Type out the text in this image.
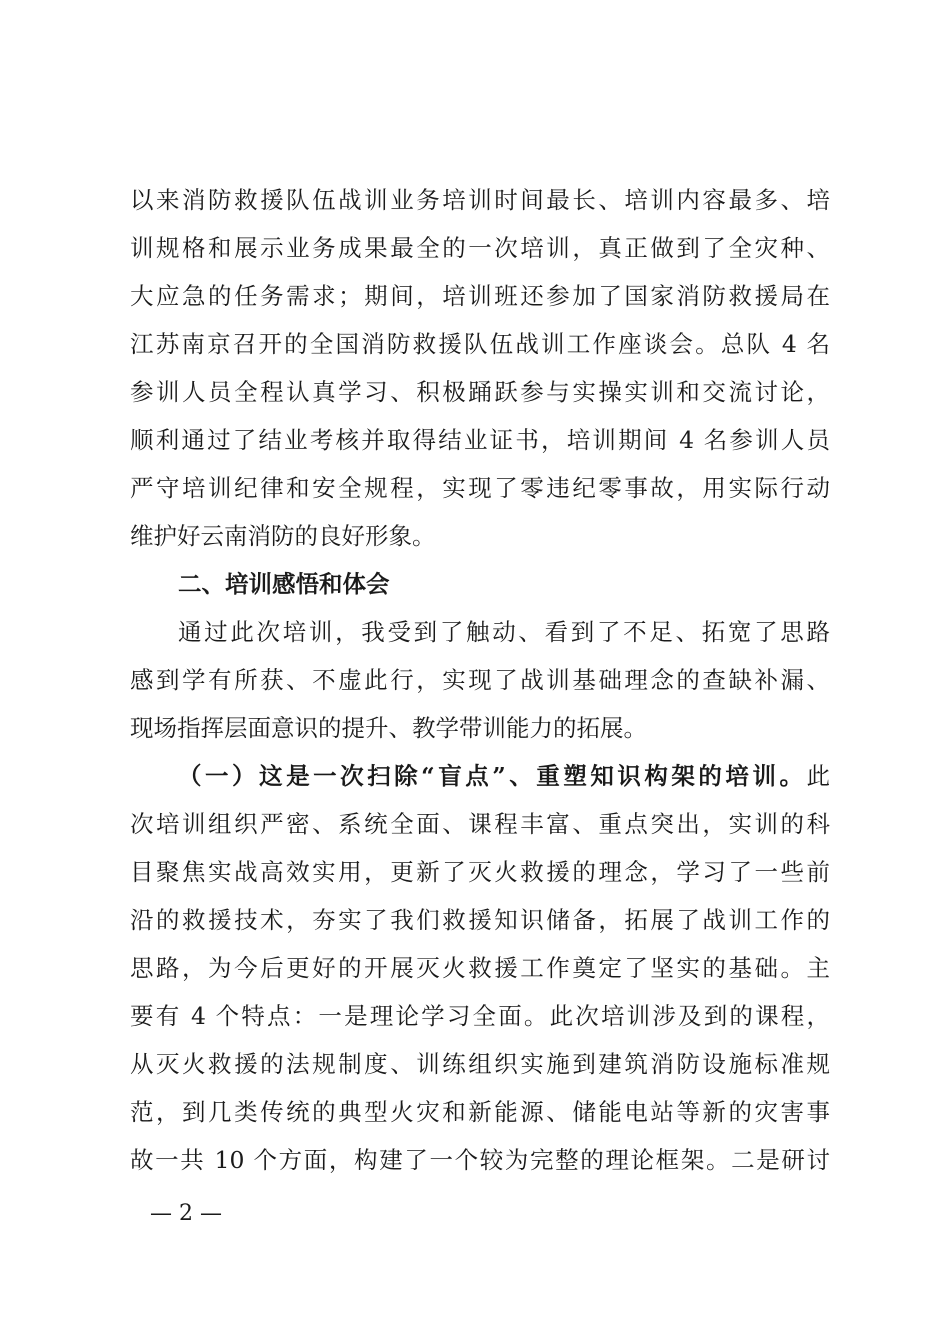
以来消防救援队伍战训业务培训时间最长、培训内容最多、培
训规格和展示业务成果最全的一次培训，真正做到了全灾种、
大应急的任务需求；期间，培训班还参加了国家消防救援局在
江苏南京召开的全国消防救援队伍战训工作座谈会。总队 4 名
参训人员全程认真学习、积极踊跃参与实操实训和交流讨论，
顺利通过了结业考核并取得结业证书，培训期间 4 名参训人员
严守培训纪律和安全规程，实现了零违纪零事故，用实际行动
维护好云南消防的良好形象。
二、培训感悟和体会
通过此次培训，我受到了触动、看到了不足、拓宽了思路
感到学有所获、不虚此行，实现了战训基础理念的查缺补漏、
现场指挥层面意识的提升、教学带训能力的拓展。
（一）这是一次扫除“盲点”、重塑知识构架的培训。此
次培训组织严密、系统全面、课程丰富、重点突出，实训的科
目聚焦实战高效实用，更新了灭火救援的理念，学习了一些前
沿的救援技术，夯实了我们救援知识储备，拓展了战训工作的
思路，为今后更好的开展灭火救援工作奠定了坚实的基础。主
要有 4 个特点：一是理论学习全面。此次培训涉及到的课程，
从灭火救援的法规制度、训练组织实施到建筑消防设施标准规
范，到几类传统的典型火灾和新能源、储能电站等新的灾害事
故一共 10 个方面，构建了一个较为完整的理论框架。二是研讨
— 2 —
